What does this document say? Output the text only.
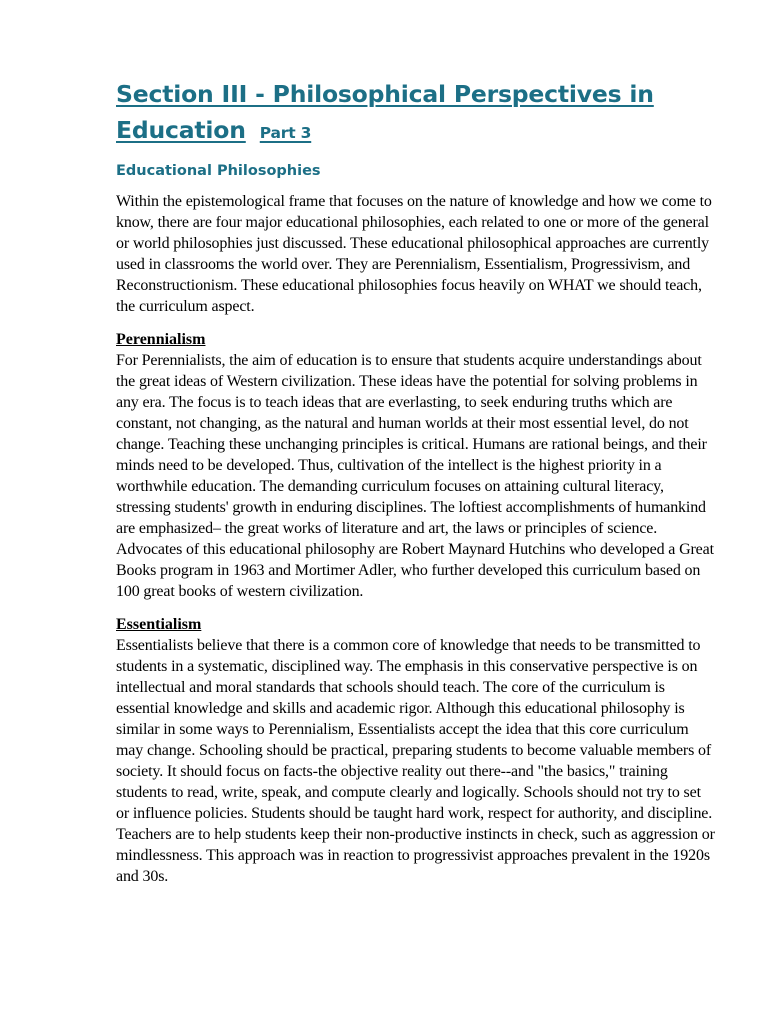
Section III - Philosophical Perspectives in Education Part 3
Educational Philosophies

Within the epistemological frame that focuses on the nature of knowledge and how we come to know, there are four major educational philosophies, each related to one or more of the general or world philosophies just discussed. These educational philosophical approaches are currently used in classrooms the world over. They are Perennialism, Essentialism, Progressivism, and Reconstructionism. These educational philosophies focus heavily on WHAT we should teach, the curriculum aspect.

Perennialism

For Perennialists, the aim of education is to ensure that students acquire understandings about the great ideas of Western civilization. These ideas have the potential for solving problems in any era. The focus is to teach ideas that are everlasting, to seek enduring truths which are constant, not changing, as the natural and human worlds at their most essential level, do not change. Teaching these unchanging principles is critical. Humans are rational beings, and their minds need to be developed. Thus, cultivation of the intellect is the highest priority in a worthwhile education. The demanding curriculum focuses on attaining cultural literacy, stressing students' growth in enduring disciplines. The loftiest accomplishments of humankind are emphasized– the great works of literature and art, the laws or principles of science. Advocates of this educational philosophy are Robert Maynard Hutchins who developed a Great Books program in 1963 and Mortimer Adler, who further developed this curriculum based on 100 great books of western civilization.

Essentialism

Essentialists believe that there is a common core of knowledge that needs to be transmitted to students in a systematic, disciplined way. The emphasis in this conservative perspective is on intellectual and moral standards that schools should teach. The core of the curriculum is essential knowledge and skills and academic rigor. Although this educational philosophy is similar in some ways to Perennialism, Essentialists accept the idea that this core curriculum may change. Schooling should be practical, preparing students to become valuable members of society. It should focus on facts-the objective reality out there--and "the basics," training students to read, write, speak, and compute clearly and logically. Schools should not try to set or influence policies. Students should be taught hard work, respect for authority, and discipline. Teachers are to help students keep their non-productive instincts in check, such as aggression or mindlessness. This approach was in reaction to progressivist approaches prevalent in the 1920s and 30s.
